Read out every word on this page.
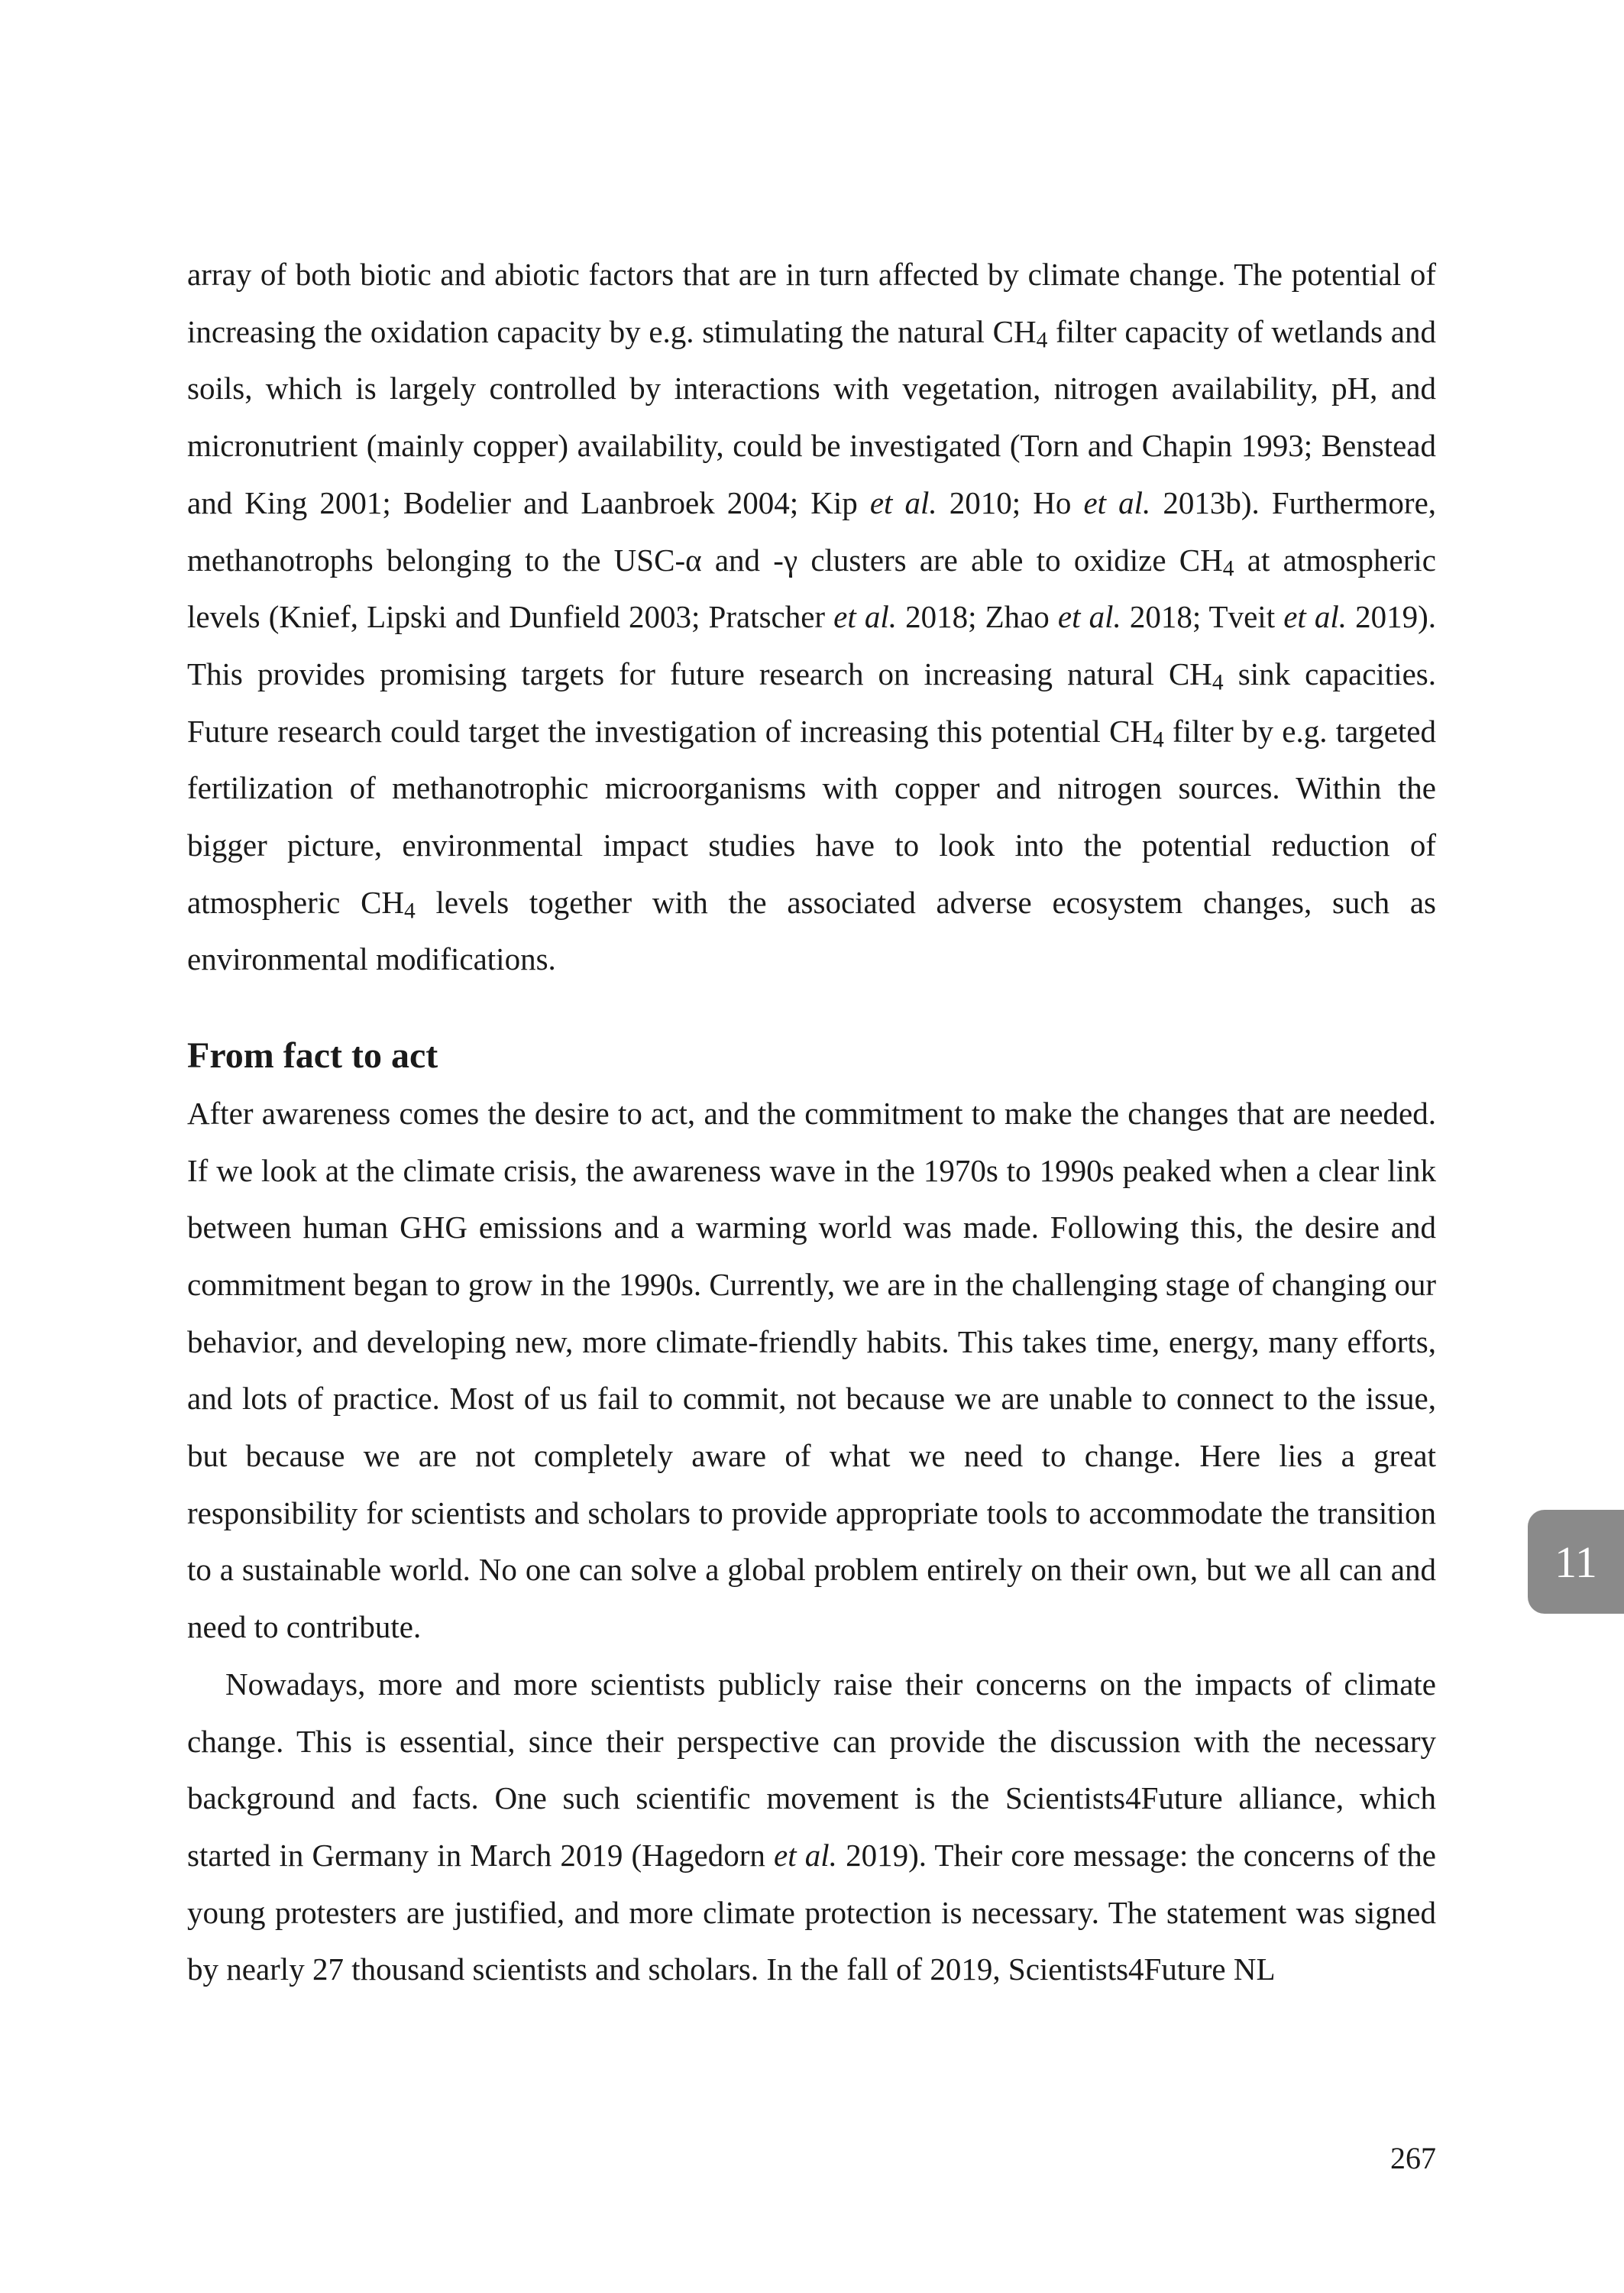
array of both biotic and abiotic factors that are in turn affected by climate change. The potential of increasing the oxidation capacity by e.g. stimulating the natural $CH_4$ filter capacity of wetlands and soils, which is largely controlled by interactions with vegetation, nitrogen availability, pH, and micronutrient (mainly copper) availability, could be investigated (Torn and Chapin 1993; Benstead and King 2001; Bodelier and Laanbroek 2004; Kip et al. 2010; Ho et al. 2013b). Furthermore, methanotrophs belonging to the USC-α and -γ clusters are able to oxidize $CH_4$ at atmospheric levels (Knief, Lipski and Dunfield 2003; Pratscher et al. 2018; Zhao et al. 2018; Tveit et al. 2019). This provides promising targets for future research on increasing natural $CH_4$ sink capacities. Future research could target the investigation of increasing this potential $CH_4$ filter by e.g. targeted fertilization of methanotrophic microorganisms with copper and nitrogen sources. Within the bigger picture, environmental impact studies have to look into the potential reduction of atmospheric $CH_4$ levels together with the associated adverse ecosystem changes, such as environmental modifications.

From fact to act

After awareness comes the desire to act, and the commitment to make the changes that are needed. If we look at the climate crisis, the awareness wave in the 1970s to 1990s peaked when a clear link between human GHG emissions and a warming world was made. Following this, the desire and commitment began to grow in the 1990s. Currently, we are in the challenging stage of changing our behavior, and developing new, more climate-friendly habits. This takes time, energy, many efforts, and lots of practice. Most of us fail to commit, not because we are unable to connect to the issue, but because we are not completely aware of what we need to change. Here lies a great responsibility for scientists and scholars to provide appropriate tools to accommodate the transition to a sustainable world. No one can solve a global problem entirely on their own, but we all can and need to contribute.

Nowadays, more and more scientists publicly raise their concerns on the impacts of climate change. This is essential, since their perspective can provide the discussion with the necessary background and facts. One such scientific movement is the Scientists4Future alliance, which started in Germany in March 2019 (Hagedorn et al. 2019). Their core message: the concerns of the young protesters are justified, and more climate protection is necessary. The statement was signed by nearly 27 thousand scientists and scholars. In the fall of 2019, Scientists4Future NL

11
267
